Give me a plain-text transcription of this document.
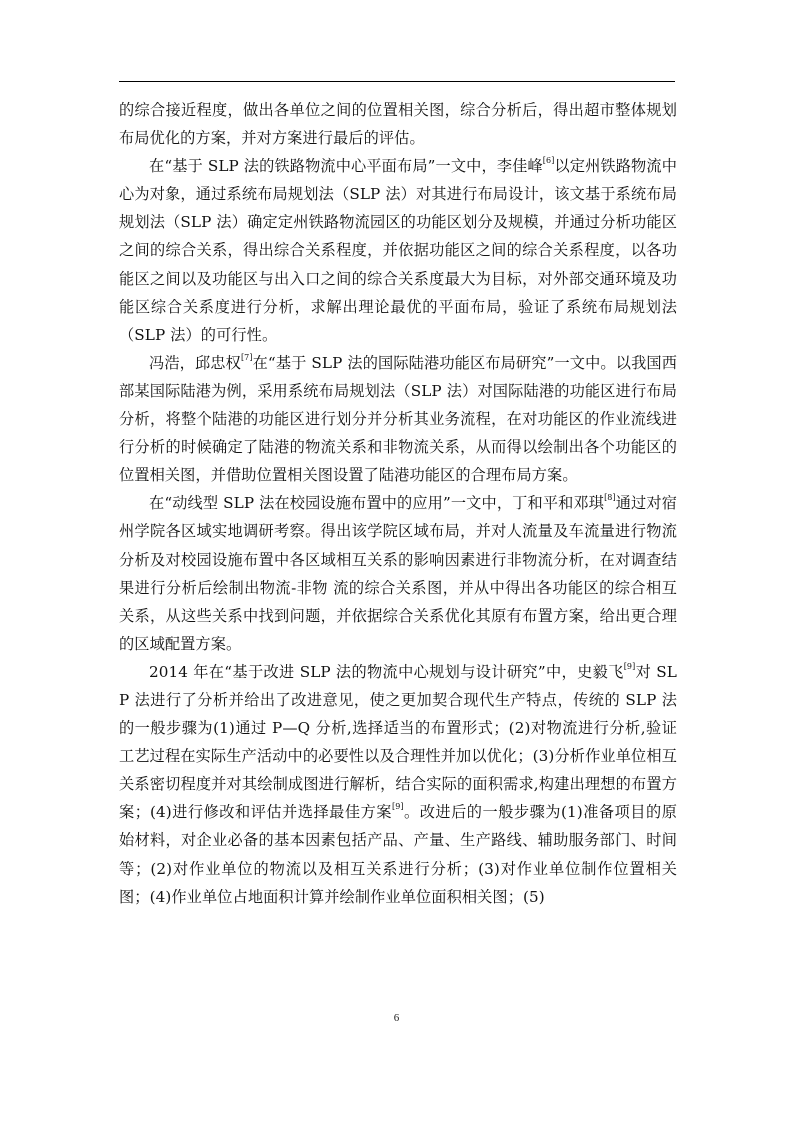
的综合接近程度，做出各单位之间的位置相关图，综合分析后，得出超市整体规划布局优化的方案，并对方案进行最后的评估。

在“基于 SLP 法的铁路物流中心平面布局”一文中，李佳峰[6]以定州铁路物流中心为对象，通过系统布局规划法（SLP 法）对其进行布局设计，该文基于系统布局规划法（SLP 法）确定定州铁路物流园区的功能区划分及规模，并通过分析功能区之间的综合关系，得出综合关系程度，并依据功能区之间的综合关系程度，以各功能区之间以及功能区与出入口之间的综合关系度最大为目标，对外部交通环境及功能区综合关系度进行分析，求解出理论最优的平面布局，验证了系统布局规划法（SLP 法）的可行性。

冯浩，邱忠权[7]在“基于 SLP 法的国际陆港功能区布局研究”一文中。以我国西部某国际陆港为例，采用系统布局规划法（SLP 法）对国际陆港的功能区进行布局分析，将整个陆港的功能区进行划分并分析其业务流程，在对功能区的作业流线进行分析的时候确定了陆港的物流关系和非物流关系，从而得以绘制出各个功能区的位置相关图，并借助位置相关图设置了陆港功能区的合理布局方案。

在“动线型 SLP 法在校园设施布置中的应用”一文中，丁和平和邓琪[8]通过对宿州学院各区域实地调研考察。得出该学院区域布局，并对人流量及车流量进行物流分析及对校园设施布置中各区域相互关系的影响因素进行非物流分析，在对调查结果进行分析后绘制出物流-非物 流的综合关系图，并从中得出各功能区的综合相互关系，从这些关系中找到问题，并依据综合关系优化其原有布置方案，给出更合理的区域配置方案。

2014 年在“基于改进 SLP 法的物流中心规划与设计研究”中，史毅飞[9]对 SLP 法进行了分析并给出了改进意见，使之更加契合现代生产特点，传统的 SLP 法的一般步骤为(1)通过 P—Q 分析,选择适当的布置形式；(2)对物流进行分析,验证工艺过程在实际生产活动中的必要性以及合理性并加以优化；(3)分析作业单位相互关系密切程度并对其绘制成图进行解析，结合实际的面积需求,构建出理想的布置方案；(4)进行修改和评估并选择最佳方案[9]。改进后的一般步骤为(1)准备项目的原始材料，对企业必备的基本因素包括产品、产量、生产路线、辅助服务部门、时间等；(2)对作业单位的物流以及相互关系进行分析；(3)对作业单位制作位置相关图；(4)作业单位占地面积计算并绘制作业单位面积相关图；(5)

6
